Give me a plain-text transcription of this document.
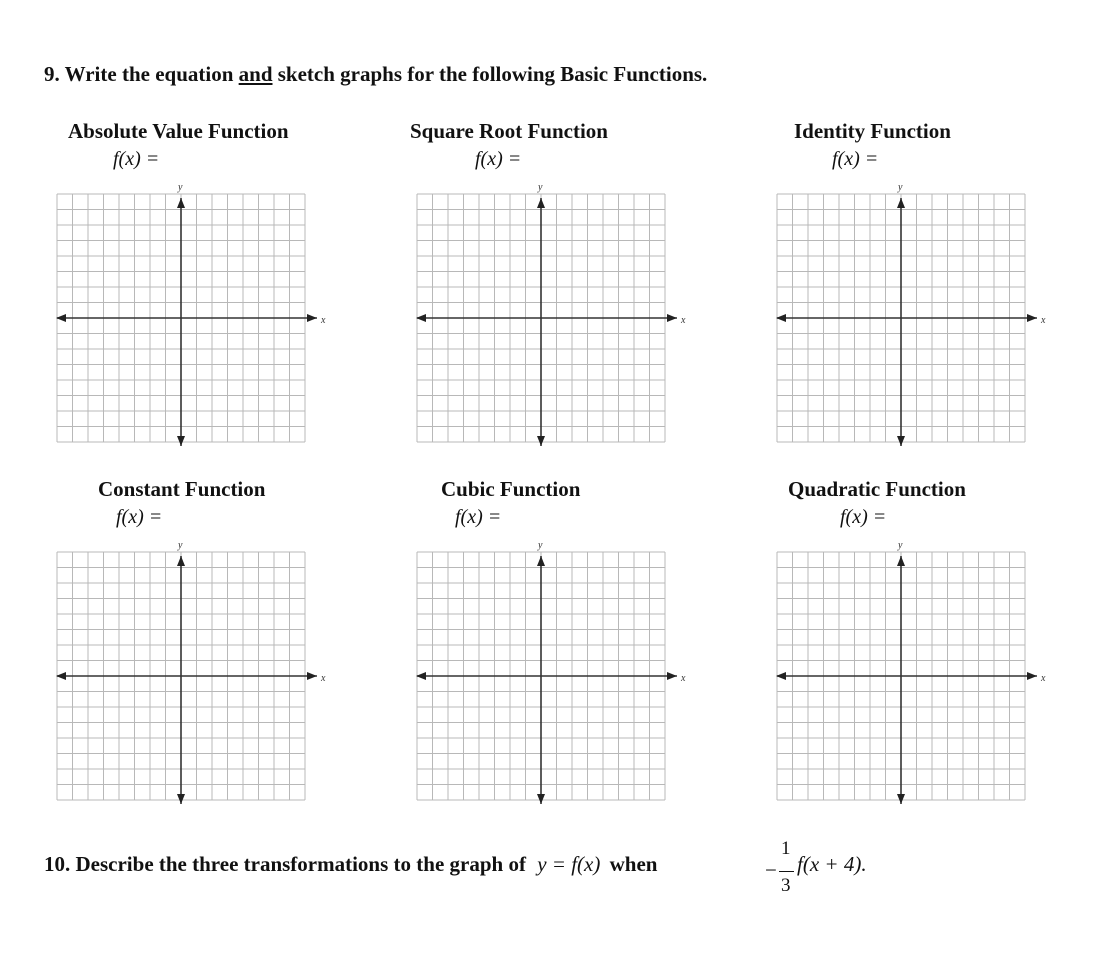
9. Write the equation and sketch graphs for the following Basic Functions.
Absolute Value Function
f(x) =
Square Root Function
f(x) =
Identity Function
f(x) =
Constant Function
f(x) =
Cubic Function
f(x) =
Quadratic Function
f(x) =
x
y
x
y
x
y
x
y
x
y
x
y
10. Describe the three transformations to the graph of y = f(x) when	−
1
3
f(x + 4).
